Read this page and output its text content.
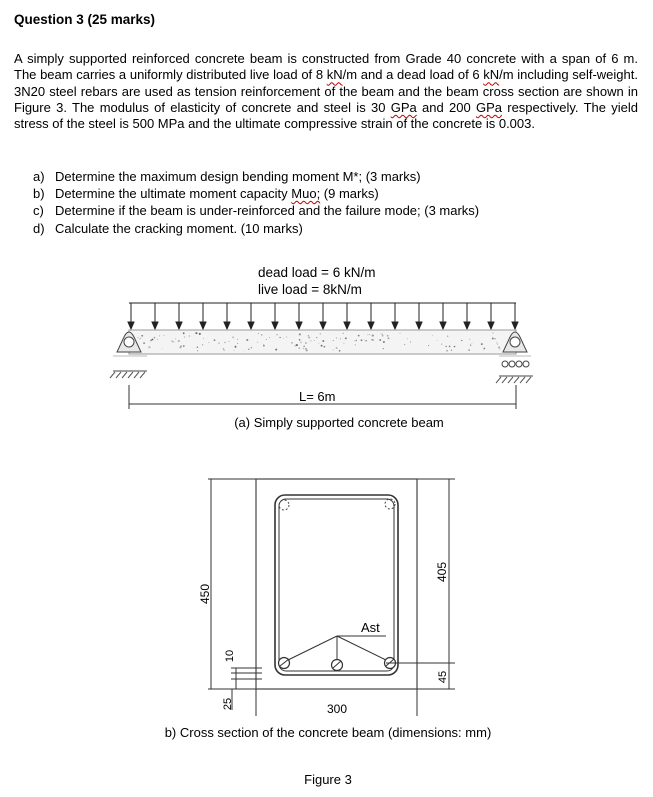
Question 3 (25 marks)

A simply supported reinforced concrete beam is constructed from Grade 40 concrete with a span of 6 m. The beam carries a uniformly distributed live load of 8 kN/m and a dead load of 6 kN/m including self-weight. 3N20 steel rebars are used as tension reinforcement of the beam and the beam cross section are shown in Figure 3. The modulus of elasticity of concrete and steel is 30 GPa and 200 GPa respectively. The yield stress of the steel is 500 MPa and the ultimate compressive strain of the concrete is 0.003.

a) Determine the maximum design bending moment M*; (3 marks)
b) Determine the ultimate moment capacity Muo; (9 marks)
c) Determine if the beam is under-reinforced and the failure mode; (3 marks)
d) Calculate the cracking moment. (10 marks)
dead load = 6 kN/m
live load = 8kN/m
L= 6m
(a) Simply supported concrete beam
Ast
450
10
25	300
405
45
b) Cross section of the concrete beam (dimensions: mm)
Figure 3
